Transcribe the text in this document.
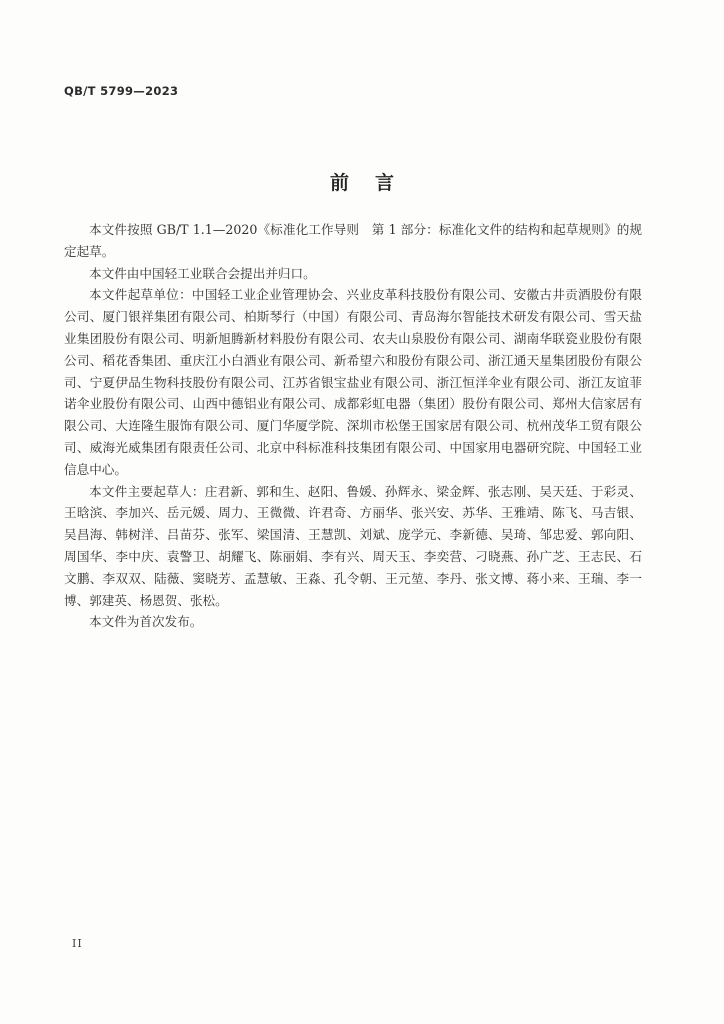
QB/T 5799—2023
前 言

本文件按照 GB/T 1.1—2020《标准化工作导则　第 1 部分：标准化文件的结构和起草规则》的规定起草。

本文件由中国轻工业联合会提出并归口。

本文件起草单位：中国轻工业企业管理协会、兴业皮革科技股份有限公司、安徽古井贡酒股份有限公司、厦门银祥集团有限公司、柏斯琴行（中国）有限公司、青岛海尔智能技术研发有限公司、雪天盐业集团股份有限公司、明新旭腾新材料股份有限公司、农夫山泉股份有限公司、湖南华联瓷业股份有限公司、稻花香集团、重庆江小白酒业有限公司、新希望六和股份有限公司、浙江通天星集团股份有限公司、宁夏伊品生物科技股份有限公司、江苏省银宝盐业有限公司、浙江恒洋伞业有限公司、浙江友谊菲诺伞业股份有限公司、山西中德铝业有限公司、成都彩虹电器（集团）股份有限公司、郑州大信家居有限公司、大连隆生服饰有限公司、厦门华厦学院、深圳市松堡王国家居有限公司、杭州茂华工贸有限公司、威海光威集团有限责任公司、北京中科标准科技集团有限公司、中国家用电器研究院、中国轻工业信息中心。

本文件主要起草人：庄君新、郭和生、赵阳、鲁媛、孙辉永、梁金辉、张志刚、吴天廷、于彩灵、王晗滨、李加兴、岳元媛、周力、王微微、许君奇、方丽华、张兴安、苏华、王雅靖、陈飞、马吉银、吴昌海、韩树洋、吕苗芬、张军、梁国清、王慧凯、刘斌、庞学元、李新德、吴琦、邹忠爱、郭向阳、周国华、李中庆、袁警卫、胡耀飞、陈丽娟、李有兴、周天玉、李奕营、刁晓燕、孙广芝、王志民、石文鹏、李双双、陆薇、窦晓芳、孟慧敏、王淼、孔令朝、王元堃、李丹、张文博、蒋小来、王瑞、李一博、郭建英、杨恩贺、张松。

本文件为首次发布。

II
